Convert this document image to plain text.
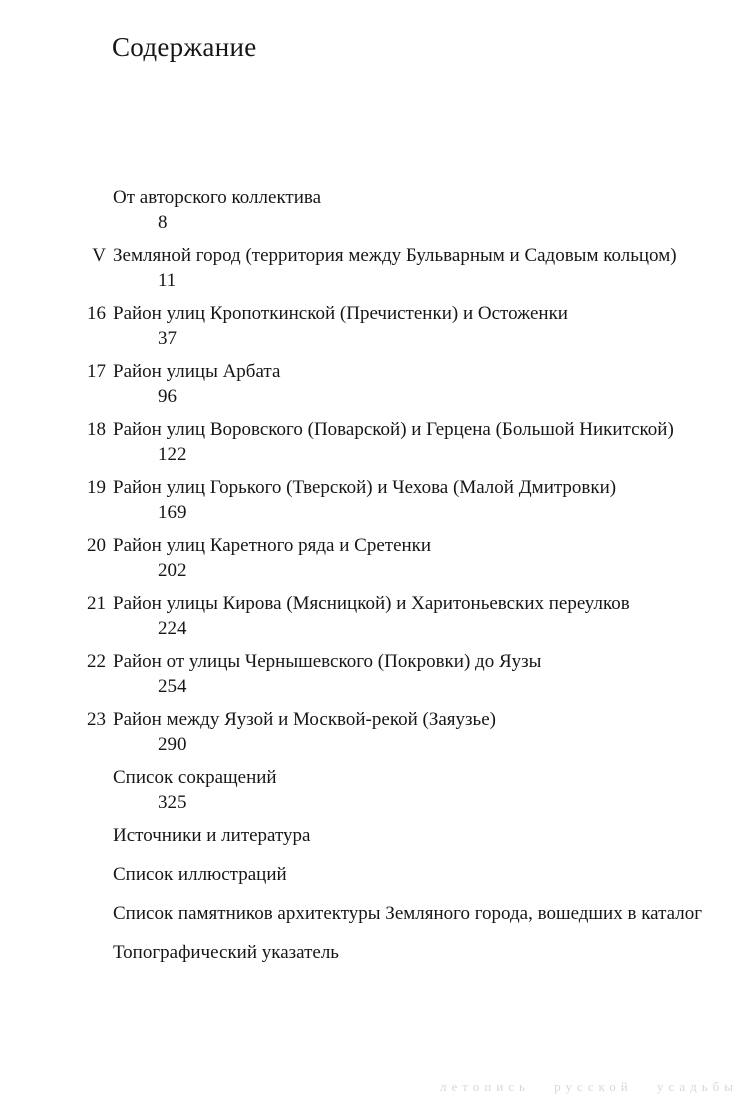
Содержание
От авторского коллектива
8
V Земляной город (территория между Бульварным и Садовым кольцом)
11
16 Район улиц Кропоткинской (Пречистенки) и Остоженки
37
17 Район улицы Арбата
96
18 Район улиц Воровского (Поварской) и Герцена (Большой Никитской)
122
19 Район улиц Горького (Тверской) и Чехова (Малой Дмитровки)
169
20 Район улиц Каретного ряда и Сретенки
202
21 Район улицы Кирова (Мясницкой) и Харитоньевских переулков
224
22 Район от улицы Чернышевского (Покровки) до Яузы
254
23 Район между Яузой и Москвой-рекой (Заяузье)
290
Список сокращений
325
Источники и литература
Список иллюстраций
Список памятников архитектуры Земляного города, вошедших в каталог
Топографический указатель
летопись русской усадьбы
